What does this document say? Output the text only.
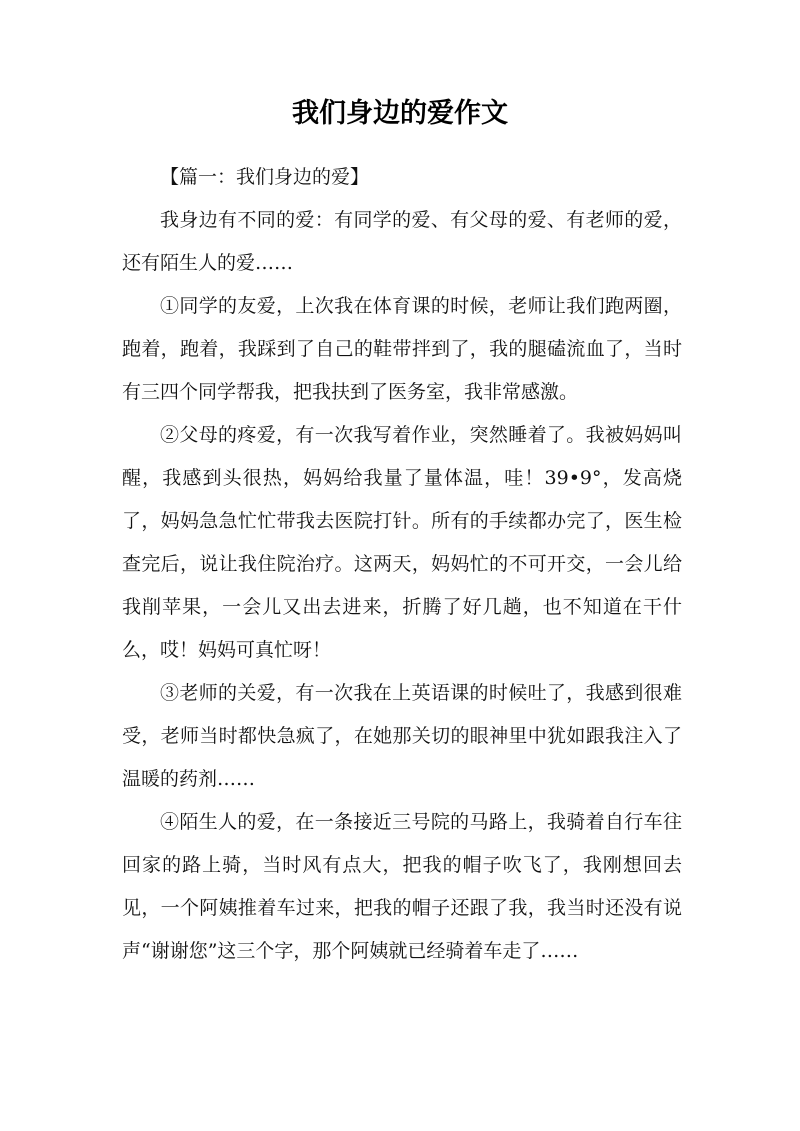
我们身边的爱作文

【篇一：我们身边的爱】

我身边有不同的爱：有同学的爱、有父母的爱、有老师的爱，还有陌生人的爱……

①同学的友爱，上次我在体育课的时候，老师让我们跑两圈，跑着，跑着，我踩到了自己的鞋带拌到了，我的腿磕流血了，当时有三四个同学帮我，把我扶到了医务室，我非常感激。

②父母的疼爱，有一次我写着作业，突然睡着了。我被妈妈叫醒，我感到头很热，妈妈给我量了量体温，哇！39•9°，发高烧了，妈妈急急忙忙带我去医院打针。所有的手续都办完了，医生检查完后，说让我住院治疗。这两天，妈妈忙的不可开交，一会儿给我削苹果，一会儿又出去进来，折腾了好几趟，也不知道在干什么，哎！妈妈可真忙呀！

③老师的关爱，有一次我在上英语课的时候吐了，我感到很难受，老师当时都快急疯了，在她那关切的眼神里中犹如跟我注入了温暖的药剂……

④陌生人的爱，在一条接近三号院的马路上，我骑着自行车往回家的路上骑，当时风有点大，把我的帽子吹飞了，我刚想回去见，一个阿姨推着车过来，把我的帽子还跟了我，我当时还没有说声“谢谢您”这三个字，那个阿姨就已经骑着车走了……
